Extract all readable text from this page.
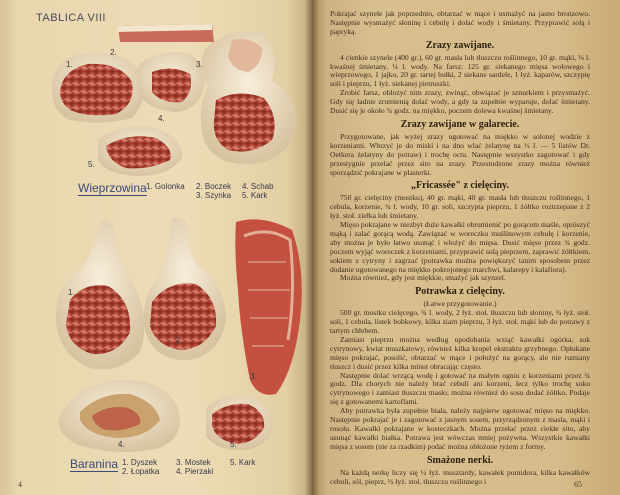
TABLICA VIII
1.
2.
3.
4.
5.
Wieprzowina 1. Golonka 2. Boczek
3. Szynka
4. Schab
5. Kark
1.
2.
3.
4.	5.
Baranina 1. Dyszek
2. Łopatka
3. Mostek
4. Pierzaki
5. Kark
4	65

Pokrajać szynele jak poprzednio, obtarzać w mące i usmażyć na jasno bronzowo. Następnie wysmażyć słoninę i cebulę i dolać wody i śmietany. Przyprawić solą i papryką.

Zrazy zawijane.

4 cienkie szynele (400 gr.), 60 gr. masła lub tłuszczu roślinnego, 10 gr. mąki, ⅛ l. kwaśnej śmietany, ¼ l. wody. Na farsz: 125 gr. siekanego mięsa wołowego i wieprzowego, 1 jajko, 20 gr. tartej bułki, 2 siekane sardele, 1 łyż. kaparów, szczyptę soli i pieprzu, 1 łyż. siekanej pietruszki.

Zrobić farsz, obłożyć nim zrazy, zwinąć, obwiązać je sznurkiem i przysmażyć. Gdy się ładnie zrumienią dolać wody, a gdy ta zupełnie wyparuje, dolać śmietany. Dusić się je około ¾ godz. na miękko, poczem dolewa kwaśnej śmietany.

Zrazy zawijane w galarecie.

Przygotowane, jak wyżej zrazy ugotować na miękko w solonej wodzie z korzeniami. Wbrzyć je do miski i na dno wlać żelatynę na ½ l. — 5 listów Dr. Oetkera żelatyny do potraw) i trochę octu. Następnie wszystko zagotować i gdy przestygnie przelać przez sito na zrazy. Przestudzone zrazy można również sporządzić pokrajane w plasterki.

„Fricassée" z cielęciny.

750 gr. cielęciny (mostku), 40 gr. mąki, 40 gr. masła lub tłuszczu roślinnego, 1 cebula, korzenie, ¾ l. wody, 10 gr. soli, szczypta pieprzu, 1 żółtko roztrzepane z 2 łyż. stoł. zielka lub śmietany.

Mięso pokrajane w niezbyt duże kawałki obrumienić po gorącem maśle, oprószyć mąką i zalać gorącą wodą. Zawiązać w woreczku muślinowym cebulę i korzenie, aby można je było łatwo usunąć i włożyć do mięsa. Dusić mięso przez ¾ godz. poczem wyjąć woreczek z korzeniami, przyprawić solą pieprzem, zaprawić żółtkiem, sokiem z cytryny i zagrzać (potrawka można powiększyć tanim sposobem przez dodanie ugotowanego na miękko pokrojonego marchwi, kalarepy i kalafiora).

Można również, gdy jest miękkie, smażyć jak szynzel.

Potrawka z cielęciny.
(Łatwe przygotowanie.)

500 gr. mostku cielęcego, ¾ l. wody, 2 łyż. stoł. tłuszczu lub słoniny, ¾ łyż. stoł. soli, 1 cebula, listek bobkowy, kilka ziarn pieprzu, 3 łyż. stoł. mąki lub do potrawy z tartym chlebem.

Zamiast pieprzu można według upodobania wziąć kawałki ogórka, sok cytrynowy, kwiat muszkatowy, również kilka kropel ekstraktu grzybnego. Opłukane mięso pokrajać, posolić, obtarzać w mące i położyć na gorący, ale nie rumiany tłuszcz i dusić przez kilka minut obracając często.

Następnie dolać wrzącą wodę i gotować na małym ogniu z korzeniami przez ¾ godz. Dla chorych nie należy brać cebuli ani korzeni, lecz tylko trochę soku cytrynowego i zamiast tłuszczu masło; można również do sosu dodać żółtko. Podaje się z gotowanemi kartoflami.

Aby potrawka była zupełnie biała, należy najpierw ugotować mięso na miękko. Następnie pokrajać je i zagotować z jasnym sosem, przyrządzonym z masła, mąki i rosołu. Kawałki pokrajane w kosteczkach. Można przełać przez ciekłe sito, aby usunąć kawałki białka. Potrawa jest wówczas mniej pożywna. Wszystkie kawałki mięsa z sosem (nie za rzadkim) podać można obłożone ryżem z formy.

Smażone nerki.

Na każdą nerkę liczy się ½ łyż. musztardy, kawałek pomidora, kilka kawałków cebuli, sól, pieprz, ½ łyż. stoł. tłuszczu roślinnego i
